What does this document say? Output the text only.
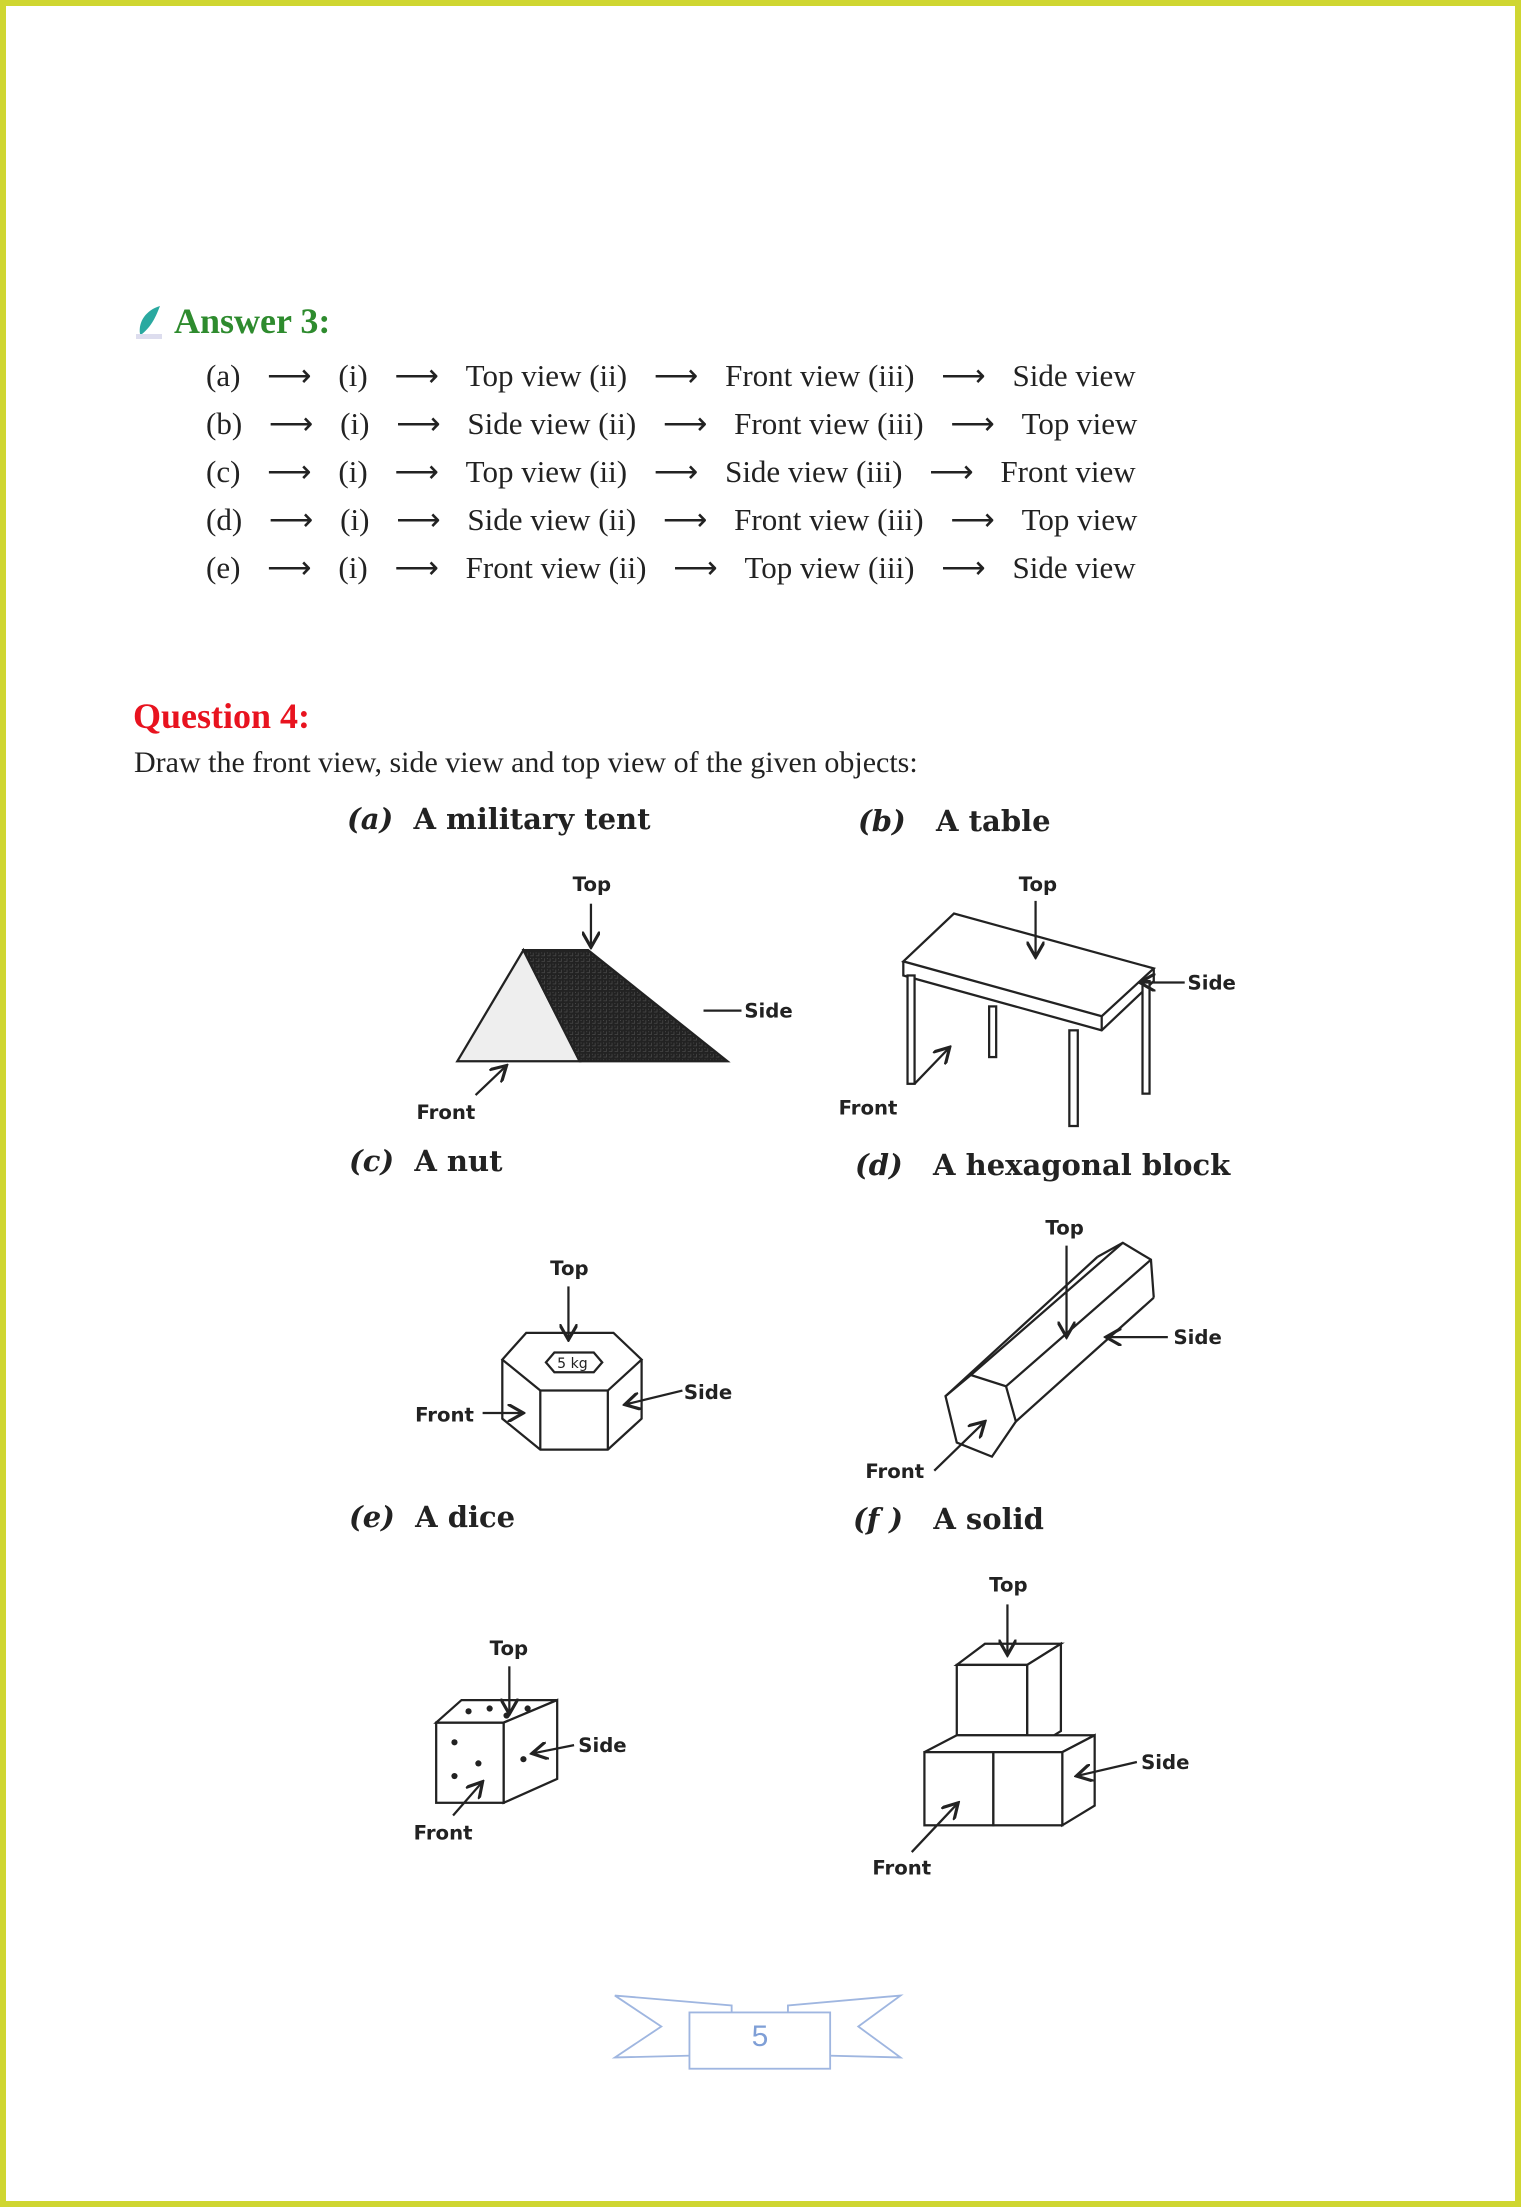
Answer 3:
(a) ⟶ (i) ⟶ Top view (ii) ⟶ Front view (iii) ⟶ Side view
(b) ⟶ (i) ⟶ Side view (ii) ⟶ Front view (iii) ⟶ Top view
(c) ⟶ (i) ⟶ Top view (ii) ⟶ Side view (iii) ⟶ Front view
(d) ⟶ (i) ⟶ Side view (ii) ⟶ Front view (iii) ⟶ Top view
(e) ⟶ (i) ⟶ Front view (ii) ⟶ Top view (iii) ⟶ Side view
Question 4:
Draw the front view, side view and top view of the given objects:
(a) A military tent	(b) A table
(c) A nut	(d) A hexagonal block
(e) A dice	(f ) A solid
Top
Side
Front
Top
Side
Front
5 kg
Top
Side
Front
Top
Side
Front
Top
Side
Front
Top
Side
Front
5
